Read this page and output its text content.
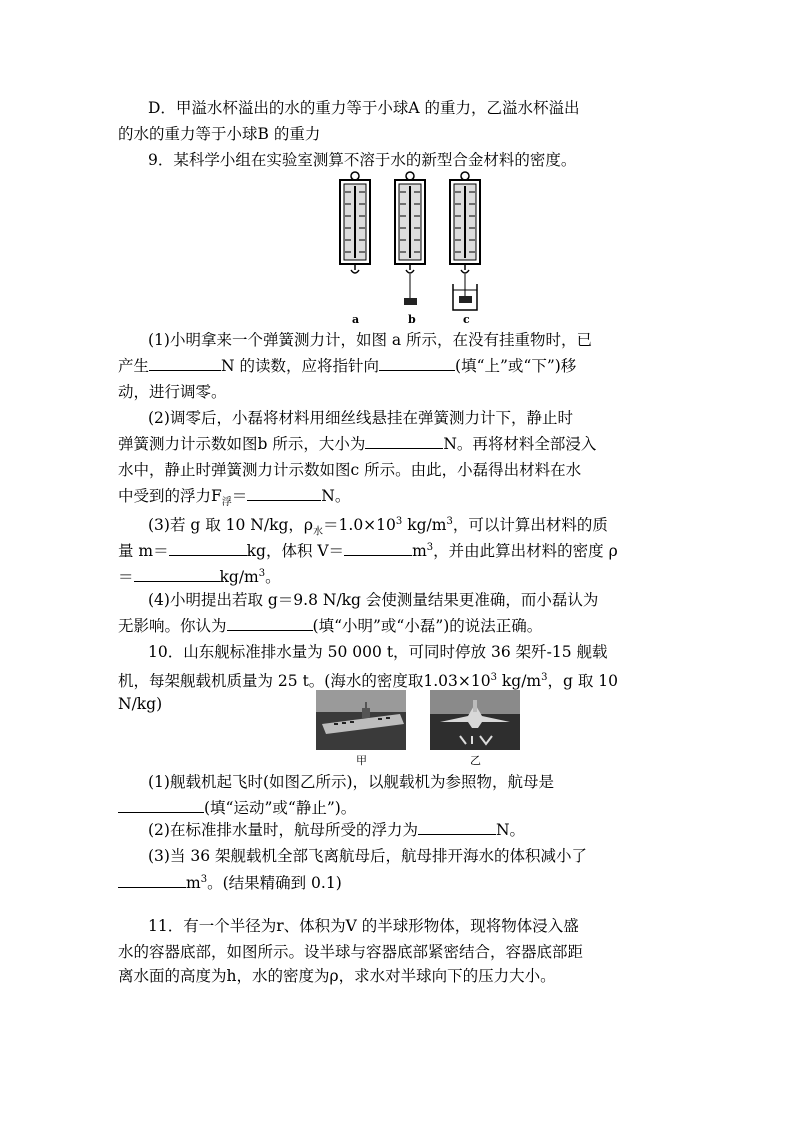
D．甲溢水杯溢出的水的重力等于小球A 的重力，乙溢水杯溢出
的水的重力等于小球B 的重力
9．某科学小组在实验室测算不溶于水的新型合金材料的密度。
a	b	c
(1)小明拿来一个弹簧测力计，如图 a 所示，在没有挂重物时，已
产生	N 的读数，应将指针向	(填“上”或“下”)移
动，进行调零。
(2)调零后，小磊将材料用细丝线悬挂在弹簧测力计下，静止时
弹簧测力计示数如图b 所示，大小为	N。再将材料全部浸入
水中，静止时弹簧测力计示数如图c 所示。由此，小磊得出材料在水
中受到的浮力$F_浮=$	N。
(3)若 g 取 10 N/kg，$\rho_水=1.0\times 10^3$ $kg/m^3$，可以计算出材料的质
量 m＝	kg，体积 V＝	$m^3$，并由此算出材料的密度 ρ
＝	$kg/m^3$。
(4)小明提出若取 g＝9.8 N/kg 会使测量结果更准确，而小磊认为
无影响。你认为	(填“小明”或“小磊”)的说法正确。
10．山东舰标准排水量为 50 000 t，可同时停放 36 架歼-15 舰载
机，每架舰载机质量为 25 t。(海水的密度取$1.03\times 10^3$ $kg/m^3$，g 取 10
N/kg)
甲	乙
(1)舰载机起飞时(如图乙所示)，以舰载机为参照物，航母是
(填“运动”或“静止”)。
(2)在标准排水量时，航母所受的浮力为	N。
(3)当 36 架舰载机全部飞离航母后，航母排开海水的体积减小了
$m^3$。(结果精确到 0.1)
11．有一个半径为r、体积为V 的半球形物体，现将物体浸入盛
水的容器底部，如图所示。设半球与容器底部紧密结合，容器底部距
离水面的高度为h，水的密度为ρ，求水对半球向下的压力大小。
